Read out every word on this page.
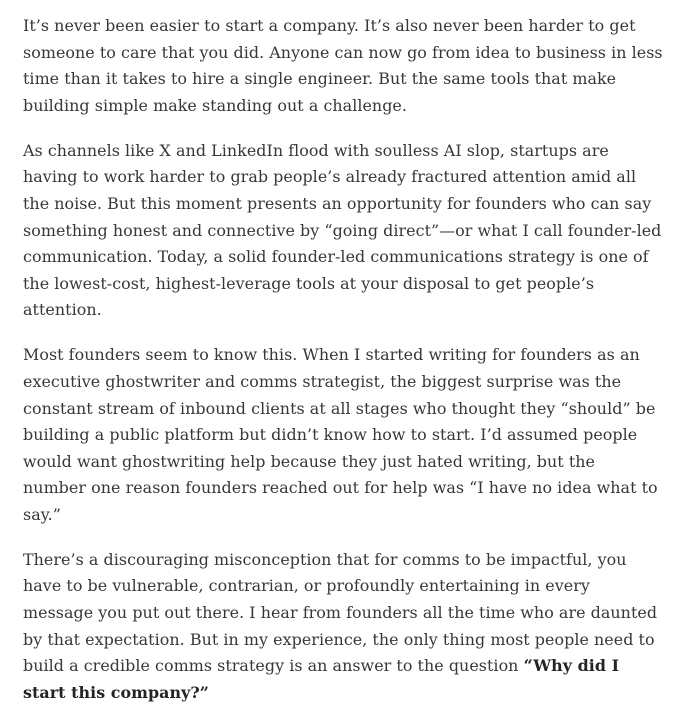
It’s never been easier to start a company. It’s also never been harder to get someone to care that you did. Anyone can now go from idea to business in less time than it takes to hire a single engineer. But the same tools that make building simple make standing out a challenge.

As channels like X and LinkedIn flood with soulless AI slop, startups are having to work harder to grab people’s already fractured attention amid all the noise. But this moment presents an opportunity for founders who can say something honest and connective by “going direct”—or what I call founder-led communication. Today, a solid founder-led communications strategy is one of the lowest-cost, highest-leverage tools at your disposal to get people’s attention.

Most founders seem to know this. When I started writing for founders as an executive ghostwriter and comms strategist, the biggest surprise was the constant stream of inbound clients at all stages who thought they “should” be building a public platform but didn’t know how to start. I’d assumed people would want ghostwriting help because they just hated writing, but the number one reason founders reached out for help was “I have no idea what to say.”

There’s a discouraging misconception that for comms to be impactful, you have to be vulnerable, contrarian, or profoundly entertaining in every message you put out there. I hear from founders all the time who are daunted by that expectation. But in my experience, the only thing most people need to build a credible comms strategy is an answer to the question “Why did I start this company?”
